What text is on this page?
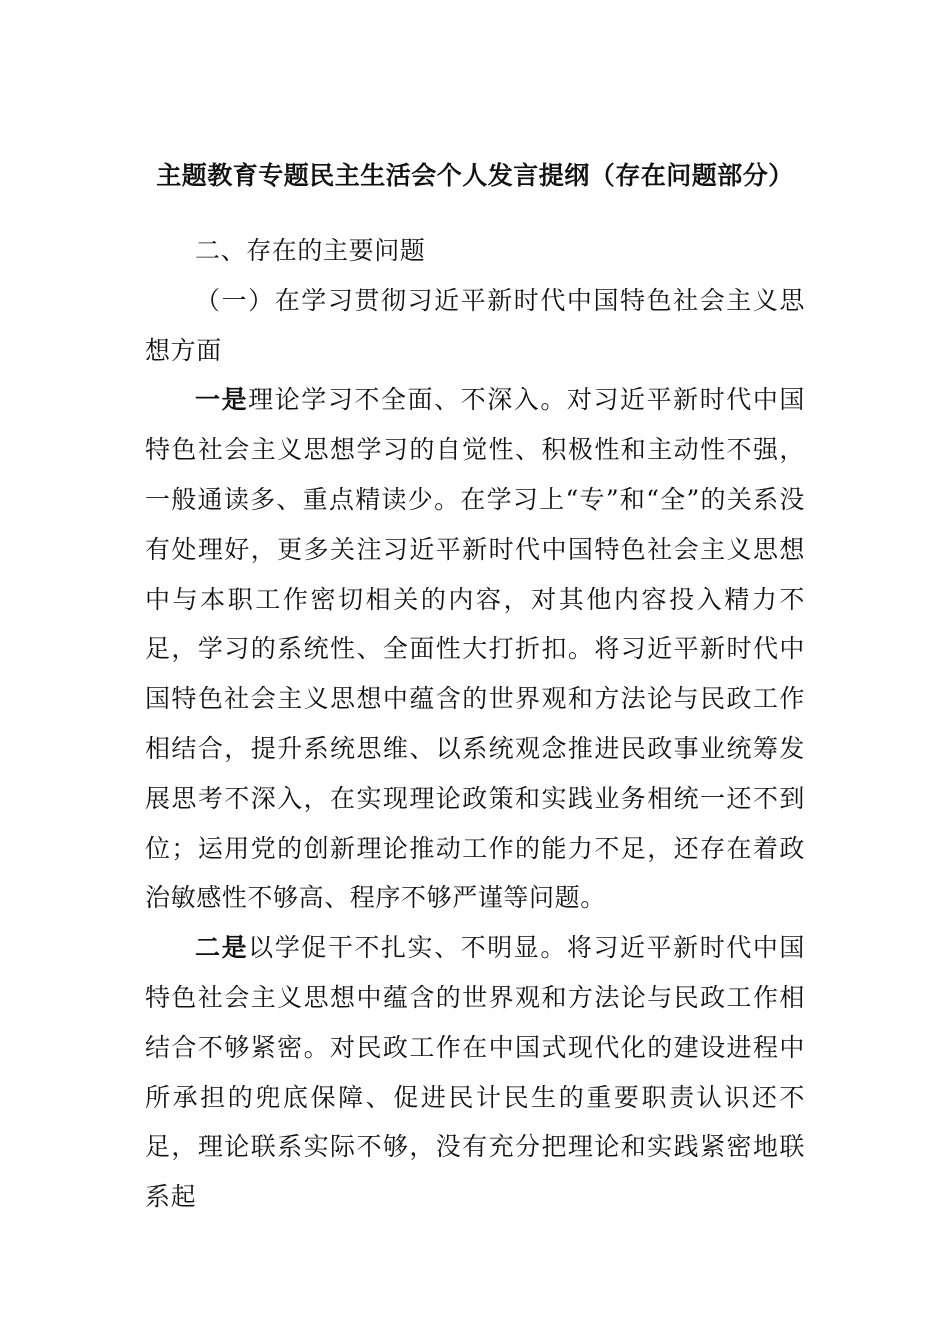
主题教育专题民主生活会个人发言提纲（存在问题部分）

二、存在的主要问题

（一）在学习贯彻习近平新时代中国特色社会主义思想方面

一是理论学习不全面、不深入。对习近平新时代中国特色社会主义思想学习的自觉性、积极性和主动性不强，一般通读多、重点精读少。在学习上“专”和“全”的关系没有处理好，更多关注习近平新时代中国特色社会主义思想中与本职工作密切相关的内容，对其他内容投入精力不足，学习的系统性、全面性大打折扣。将习近平新时代中国特色社会主义思想中蕴含的世界观和方法论与民政工作相结合，提升系统思维、以系统观念推进民政事业统筹发展思考不深入，在实现理论政策和实践业务相统一还不到位；运用党的创新理论推动工作的能力不足，还存在着政治敏感性不够高、程序不够严谨等问题。

二是以学促干不扎实、不明显。将习近平新时代中国特色社会主义思想中蕴含的世界观和方法论与民政工作相结合不够紧密。对民政工作在中国式现代化的建设进程中所承担的兜底保障、促进民计民生的重要职责认识还不足，理论联系实际不够，没有充分把理论和实践紧密地联系起
